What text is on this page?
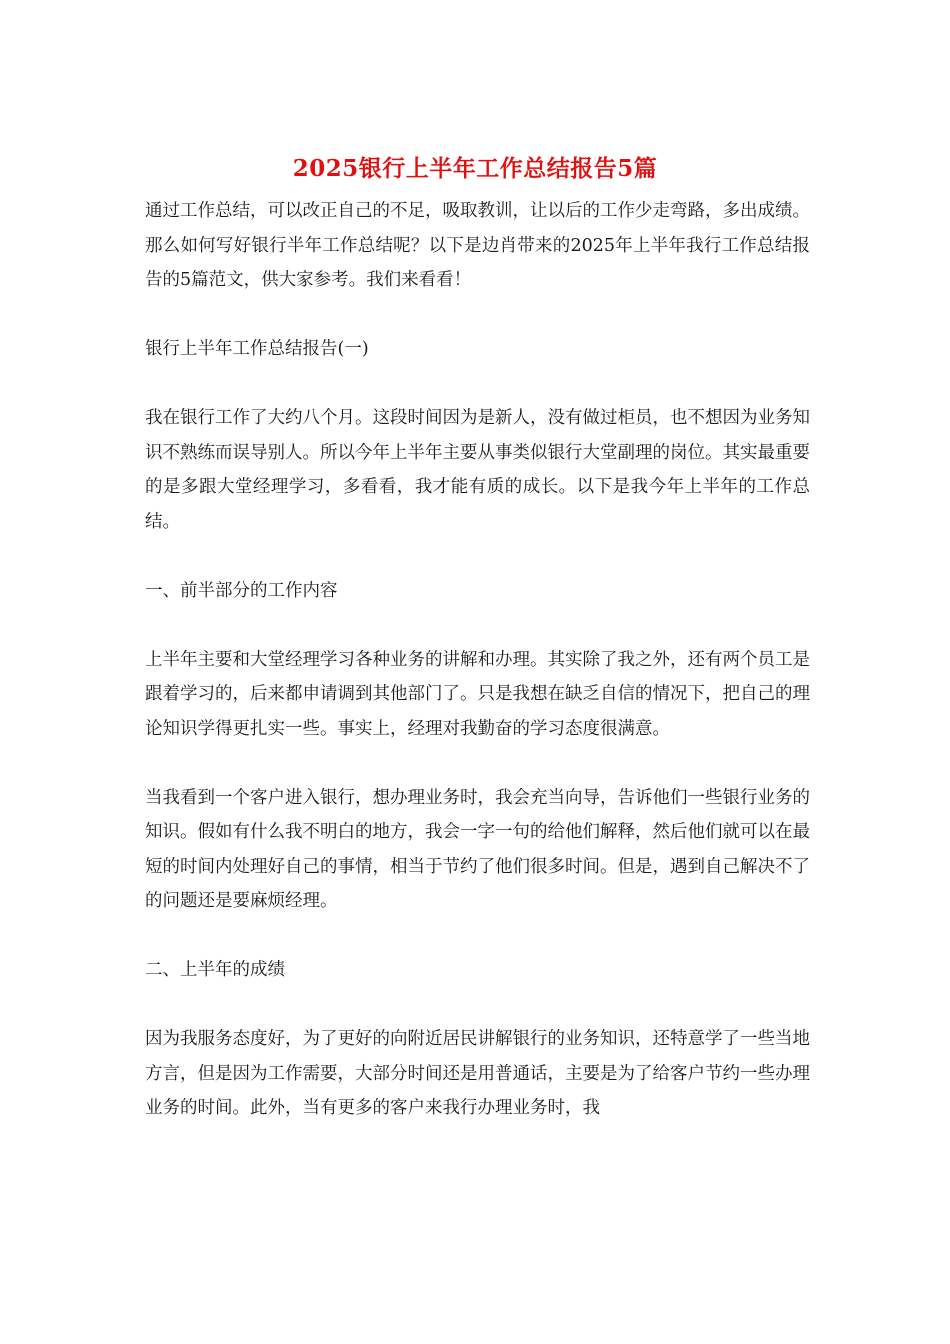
2025银行上半年工作总结报告5篇

通过工作总结，可以改正自己的不足，吸取教训，让以后的工作少走弯路，多出成绩。那么如何写好银行半年工作总结呢？以下是边肖带来的2025年上半年我行工作总结报告的5篇范文，供大家参考。我们来看看！

银行上半年工作总结报告(一)

我在银行工作了大约八个月。这段时间因为是新人，没有做过柜员，也不想因为业务知识不熟练而误导别人。所以今年上半年主要从事类似银行大堂副理的岗位。其实最重要的是多跟大堂经理学习，多看看，我才能有质的成长。以下是我今年上半年的工作总结。

一、前半部分的工作内容

上半年主要和大堂经理学习各种业务的讲解和办理。其实除了我之外，还有两个员工是跟着学习的，后来都申请调到其他部门了。只是我想在缺乏自信的情况下，把自己的理论知识学得更扎实一些。事实上，经理对我勤奋的学习态度很满意。

当我看到一个客户进入银行，想办理业务时，我会充当向导，告诉他们一些银行业务的知识。假如有什么我不明白的地方，我会一字一句的给他们解释，然后他们就可以在最短的时间内处理好自己的事情，相当于节约了他们很多时间。但是，遇到自己解决不了的问题还是要麻烦经理。

二、上半年的成绩

因为我服务态度好，为了更好的向附近居民讲解银行的业务知识，还特意学了一些当地方言，但是因为工作需要，大部分时间还是用普通话，主要是为了给客户节约一些办理业务的时间。此外，当有更多的客户来我行办理业务时，我
